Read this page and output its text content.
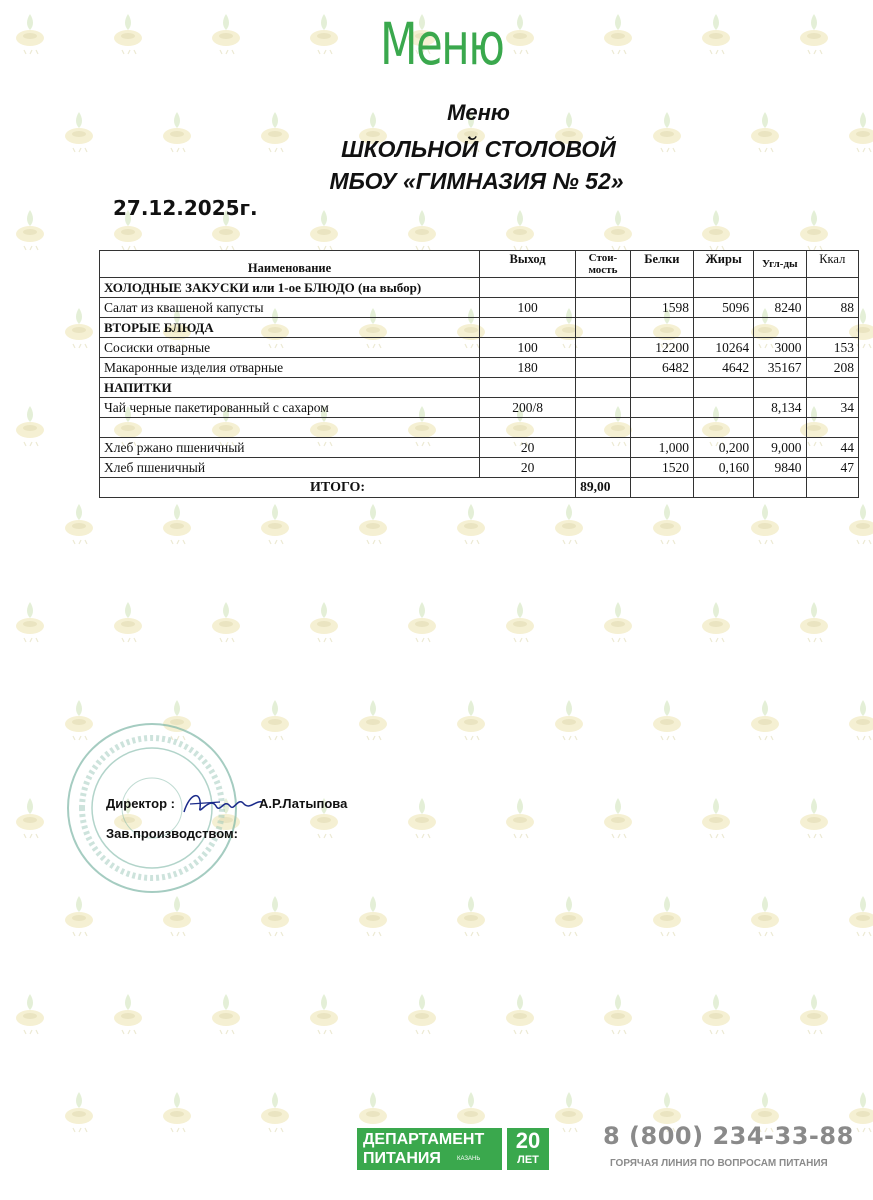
Меню
Меню
ШКОЛЬНОЙ СТОЛОВОЙ
МБОУ «ГИМНАЗИЯ № 52»
27.12.2025г.
Наименование	Выход	Стои-мость	Белки	Жиры	Угл-ды	Ккал
ХОЛОДНЫЕ ЗАКУСКИ или 1-ое БЛЮДО (на выбор)						
Салат из квашеной капусты	100		1598	5096	8240	88
ВТОРЫЕ БЛЮДА						
Сосиски отварные	100		12200	10264	3000	153
Макаронные изделия отварные	180		6482	4642	35167	208
НАПИТКИ						
Чай черные пакетированный с сахаром	200/8				8,134	34

Хлеб ржано пшеничный	20		1,000	0,200	9,000	44
Хлеб пшеничный	20		1520	0,160	9840	47
ИТОГО:		89,00				
Директор :	А.Р.Латыпова
Зав.производством:
ДЕПАРТАМЕНТ
ПИТАНИЯ	КАЗАНЬ
20
ЛЕТ
8 (800) 234-33-88
ГОРЯЧАЯ ЛИНИЯ ПО ВОПРОСАМ ПИТАНИЯ
